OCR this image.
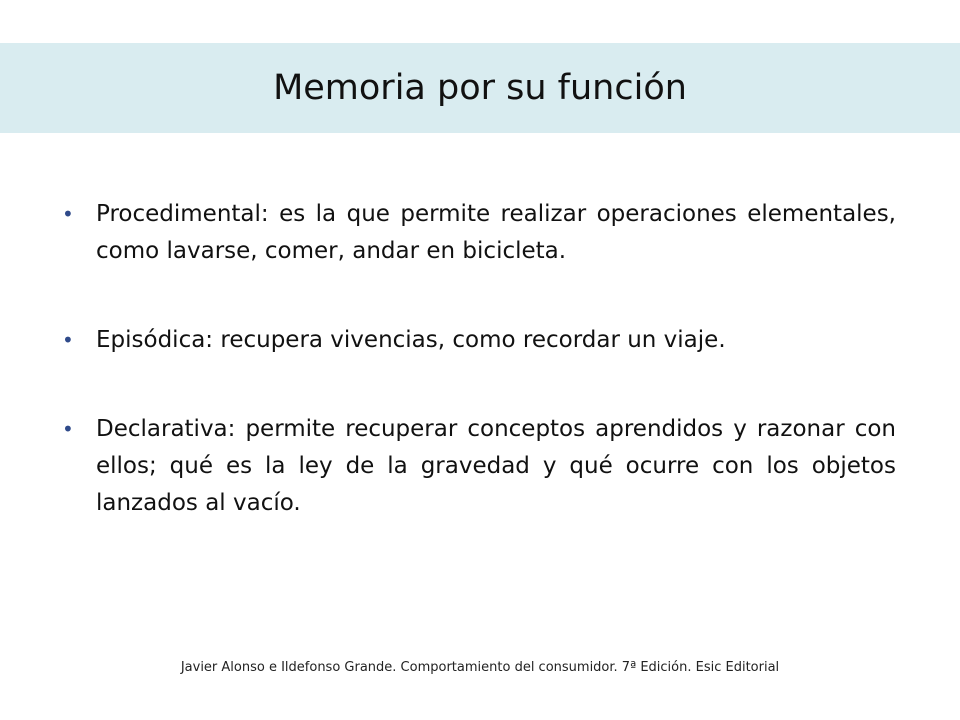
Memoria por su función
• Procedimental: es la que permite realizar operaciones elementales, como lavarse, comer, andar en bicicleta.
• Episódica: recupera vivencias, como recordar un viaje.
• Declarativa: permite recuperar conceptos aprendidos y razonar con ellos; qué es la ley de la gravedad y qué ocurre con los objetos lanzados al vacío.
Javier Alonso e Ildefonso Grande. Comportamiento del consumidor. 7ª Edición. Esic Editorial
